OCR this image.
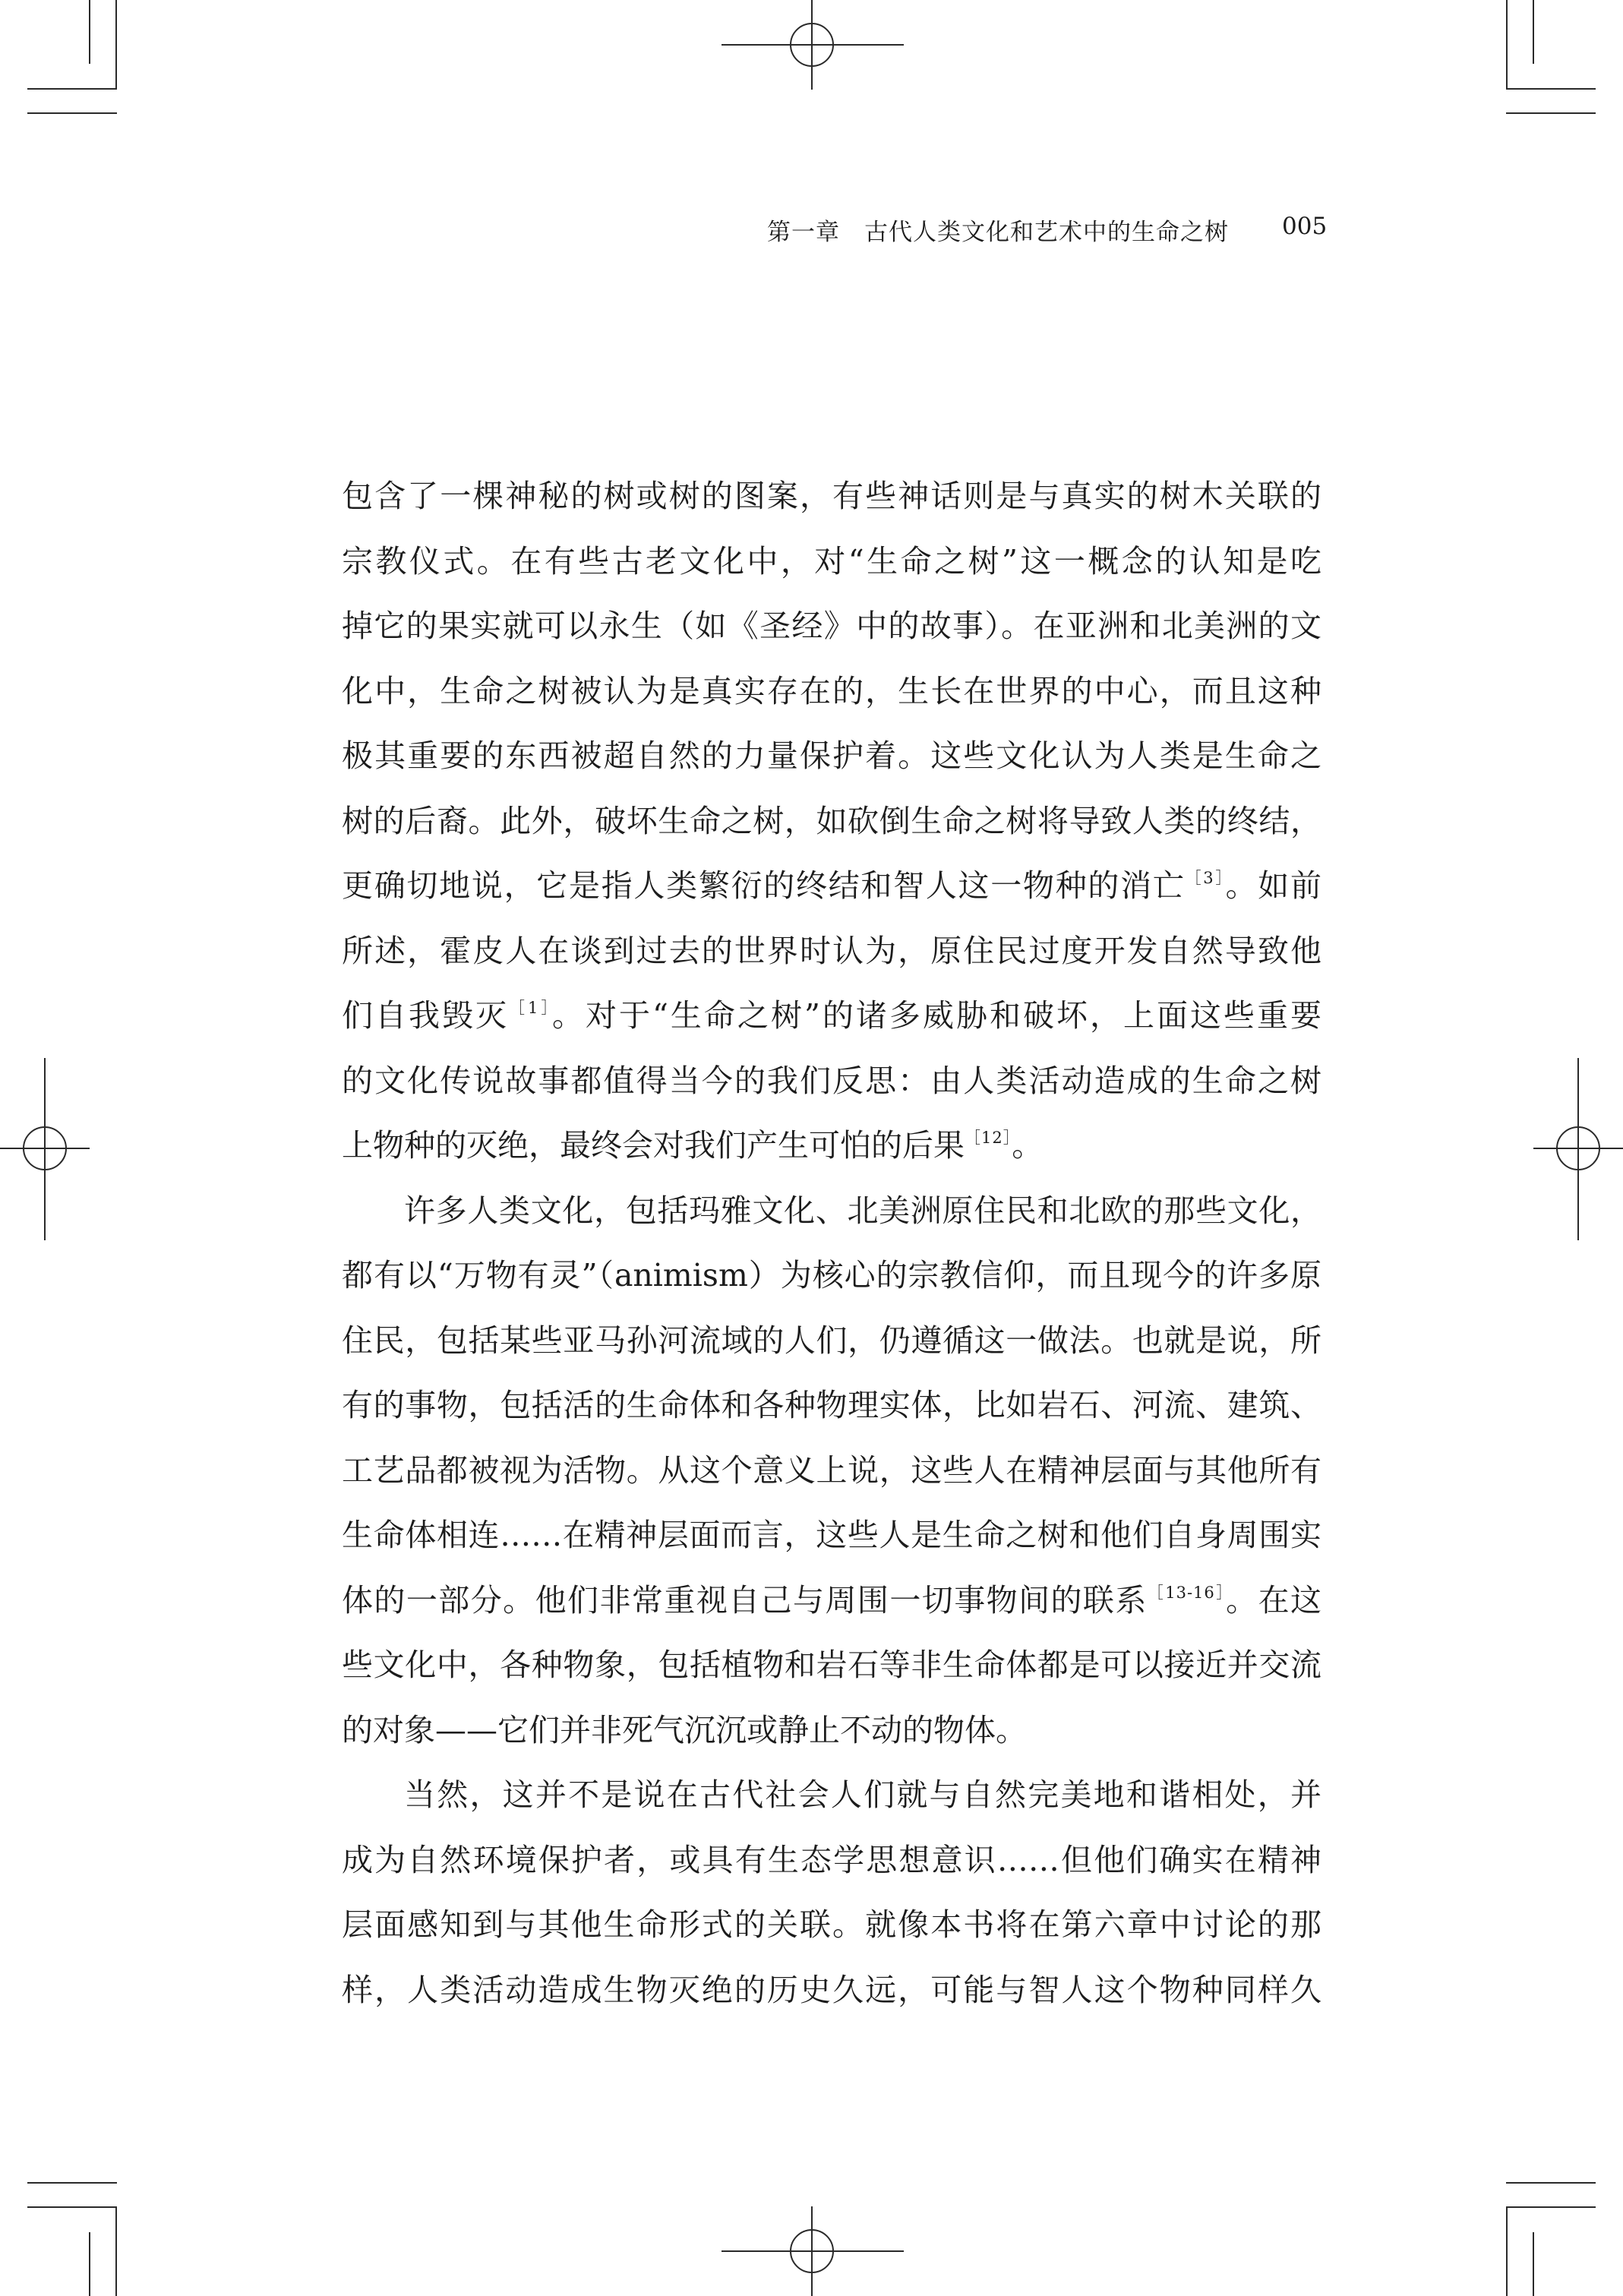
第一章　古代人类文化和艺术中的生命之树 005
包含了一棵神秘的树或树的图案，有些神话则是与真实的树木关联的
宗教仪式。在有些古老文化中，对“生命之树”这一概念的认知是吃
掉它的果实就可以永生（如《圣经》中的故事）。在亚洲和北美洲的文
化中，生命之树被认为是真实存在的，生长在世界的中心，而且这种
极其重要的东西被超自然的力量保护着。这些文化认为人类是生命之
树的后裔。此外，破坏生命之树，如砍倒生命之树将导致人类的终结，
更确切地说，它是指人类繁衍的终结和智人这一物种的消亡$^{[3]}$。如前
所述，霍皮人在谈到过去的世界时认为，原住民过度开发自然导致他
们自我毁灭$^{[1]}$。对于“生命之树”的诸多威胁和破坏，上面这些重要
的文化传说故事都值得当今的我们反思：由人类活动造成的生命之树
上物种的灭绝，最终会对我们产生可怕的后果$^{[12]}$。
许多人类文化，包括玛雅文化、北美洲原住民和北欧的那些文化，
都有以“万物有灵”（animism）为核心的宗教信仰，而且现今的许多原
住民，包括某些亚马孙河流域的人们，仍遵循这一做法。也就是说，所
有的事物，包括活的生命体和各种物理实体，比如岩石、河流、建筑、
工艺品都被视为活物。从这个意义上说，这些人在精神层面与其他所有
生命体相连……在精神层面而言，这些人是生命之树和他们自身周围实
体的一部分。他们非常重视自己与周围一切事物间的联系$^{[13-16]}$。在这
些文化中，各种物象，包括植物和岩石等非生命体都是可以接近并交流
的对象——它们并非死气沉沉或静止不动的物体。
当然，这并不是说在古代社会人们就与自然完美地和谐相处，并
成为自然环境保护者，或具有生态学思想意识……但他们确实在精神
层面感知到与其他生命形式的关联。就像本书将在第六章中讨论的那
样，人类活动造成生物灭绝的历史久远，可能与智人这个物种同样久
